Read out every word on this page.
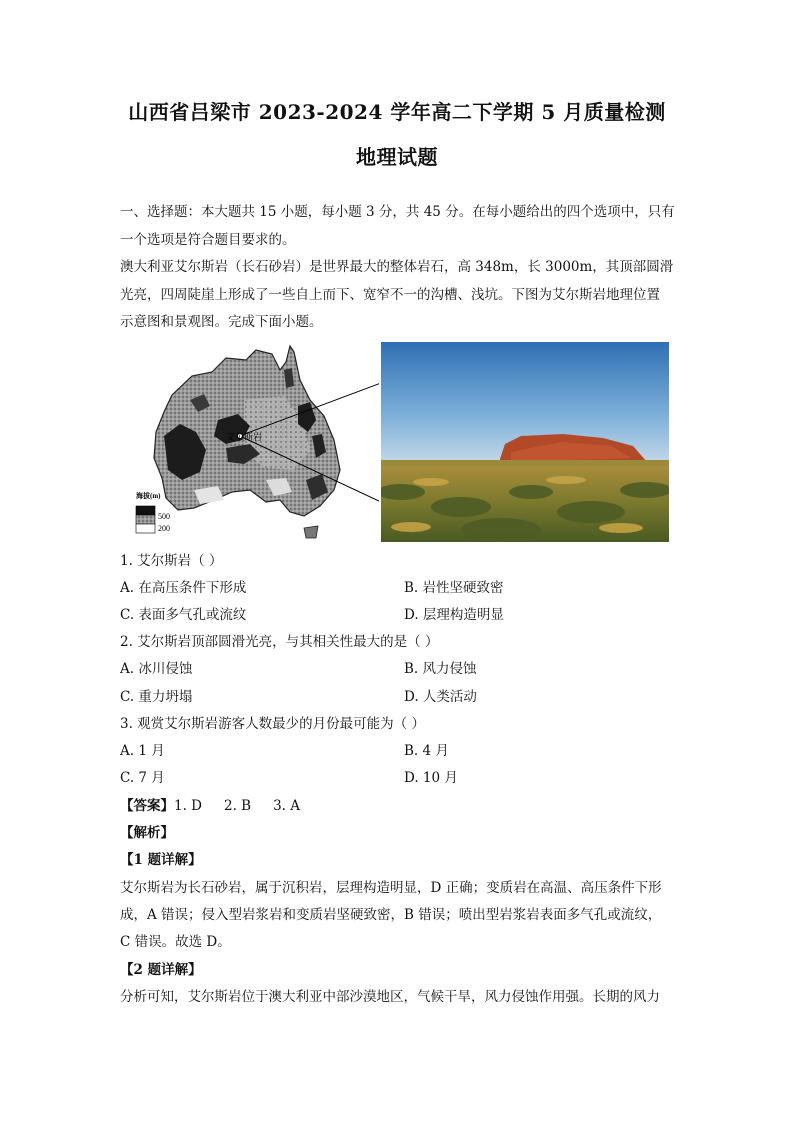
山西省吕梁市 2023-2024 学年高二下学期 5 月质量检测
地理试题
一、选择题：本大题共 15 小题，每小题 3 分，共 45 分。在每小题给出的四个选项中，只有
一个选项是符合题目要求的。
澳大利亚艾尔斯岩（长石砂岩）是世界最大的整体岩石，高 348m，长 3000m，其顶部圆滑
光亮，四周陡崖上形成了一些自上而下、宽窄不一的沟槽、浅坑。下图为艾尔斯岩地理位置
示意图和景观图。完成下面小题。
艾尔斯岩
海拔(m)
500
200
1. 艾尔斯岩（ ）
A. 在高压条件下形成	B. 岩性坚硬致密
C. 表面多气孔或流纹	D. 层理构造明显
2. 艾尔斯岩顶部圆滑光亮，与其相关性最大的是（ ）
A. 冰川侵蚀	B. 风力侵蚀
C. 重力坍塌	D. 人类活动
3. 观赏艾尔斯岩游客人数最少的月份最可能为（ ）
A. 1 月	B. 4 月
C. 7 月	D. 10 月
【答案】1. D 2. B 3. A
【解析】
【1 题详解】
艾尔斯岩为长石砂岩，属于沉积岩，层理构造明显，D 正确；变质岩在高温、高压条件下形
成，A 错误；侵入型岩浆岩和变质岩坚硬致密，B 错误；喷出型岩浆岩表面多气孔或流纹，
C 错误。故选 D。
【2 题详解】
分析可知，艾尔斯岩位于澳大利亚中部沙漠地区，气候干旱，风力侵蚀作用强。长期的风力
